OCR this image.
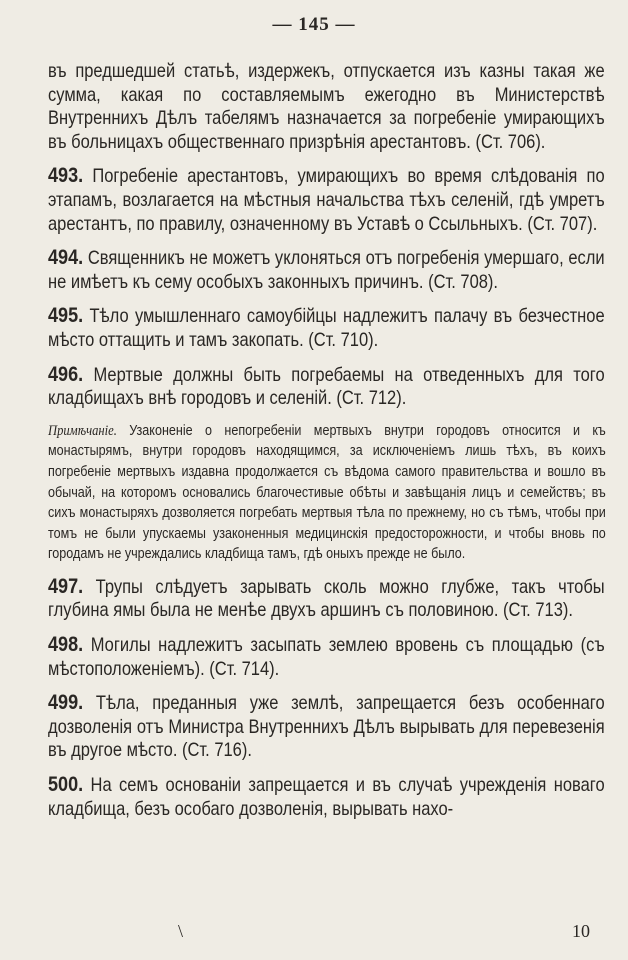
— 145 —

въ предшедшей статьѣ, издержекъ, отпускается изъ казны такая же сумма, какая по составляемымъ ежегодно въ Министерствѣ Внутреннихъ Дѣлъ табелямъ назначается за погребеніе умирающихъ въ больницахъ общественнаго призрѣнія арестантовъ. (Ст. 706).

493. Погребеніе арестантовъ, умирающихъ во время слѣдованія по этапамъ, возлагается на мѣстныя начальства тѣхъ селеній, гдѣ умретъ арестантъ, по правилу, означенному въ Уставѣ о Ссыльныхъ. (Ст. 707).

494. Священникъ не можетъ уклоняться отъ погребенія умершаго, если не имѣетъ къ сему особыхъ законныхъ причинъ. (Ст. 708).

495. Тѣло умышленнаго самоубійцы надлежитъ палачу въ безчестное мѣсто оттащить и тамъ закопать. (Ст. 710).

496. Мертвые должны быть погребаемы на отведенныхъ для того кладбищахъ внѣ городовъ и селеній. (Ст. 712).

Примѣчаніе. Узаконеніе о непогребеніи мертвыхъ внутри городовъ относится и къ монастырямъ, внутри городовъ находящимся, за исключеніемъ лишь тѣхъ, въ коихъ погребеніе мертвыхъ издавна продолжается съ вѣдома самого правительства и вошло въ обычай, на которомъ основались благочестивые обѣты и завѣщанія лицъ и семействъ; въ сихъ монастыряхъ дозволяется погребать мертвыя тѣла по прежнему, но съ тѣмъ, чтобы при томъ не были упускаемы узаконенныя медицинскія предосторожности, и чтобы вновь по городамъ не учреждались кладбища тамъ, гдѣ оныхъ прежде не было.

497. Трупы слѣдуетъ зарывать сколь можно глубже, такъ чтобы глубина ямы была не менѣе двухъ аршинъ съ половиною. (Ст. 713).

498. Могилы надлежитъ засыпать землею вровень съ площадью (съ мѣстоположеніемъ). (Ст. 714).

499. Тѣла, преданныя уже землѣ, запрещается безъ особеннаго дозволенія отъ Министра Внутреннихъ Дѣлъ вырывать для перевезенія въ другое мѣсто. (Ст. 716).

500. На семъ основаніи запрещается и въ случаѣ учрежденія новаго кладбища, безъ особаго дозволенія, вырывать нахо-

\	10
